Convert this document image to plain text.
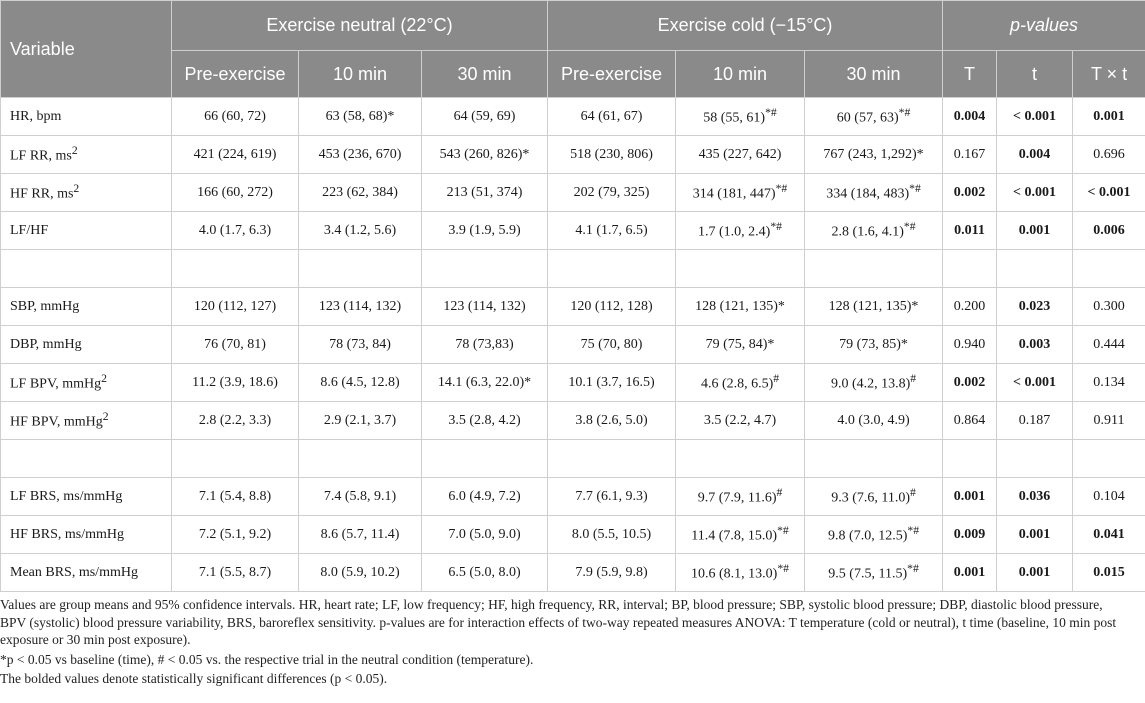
Variable	Exercise neutral (22°C)			Exercise cold (−15°C)			p-values		
	Pre-exercise	10 min	30 min	Pre-exercise	10 min	30 min	T	t	T × t
HR, bpm	66 (60, 72)	63 (58, 68)*	64 (59, 69)	64 (61, 67)	58 (55, 61)*#	60 (57, 63)*#	0.004	< 0.001	0.001
LF RR, $ms^2$	421 (224, 619)	453 (236, 670)	543 (260, 826)*	518 (230, 806)	435 (227, 642)	767 (243, 1,292)*	0.167	0.004	0.696
HF RR, $ms^2$	166 (60, 272)	223 (62, 384)	213 (51, 374)	202 (79, 325)	314 (181, 447)*#	334 (184, 483)*#	0.002	< 0.001	< 0.001
LF/HF	4.0 (1.7, 6.3)	3.4 (1.2, 5.6)	3.9 (1.9, 5.9)	4.1 (1.7, 6.5)	1.7 (1.0, 2.4)*#	2.8 (1.6, 4.1)*#	0.011	0.001	0.006

SBP, mmHg	120 (112, 127)	123 (114, 132)	123 (114, 132)	120 (112, 128)	128 (121, 135)*	128 (121, 135)*	0.200	0.023	0.300
DBP, mmHg	76 (70, 81)	78 (73, 84)	78 (73,83)	75 (70, 80)	79 (75, 84)*	79 (73, 85)*	0.940	0.003	0.444
LF BPV, mmHg$^2$	11.2 (3.9, 18.6)	8.6 (4.5, 12.8)	14.1 (6.3, 22.0)*	10.1 (3.7, 16.5)	4.6 (2.8, 6.5)#	9.0 (4.2, 13.8)#	0.002	< 0.001	0.134
HF BPV, mmHg$^2$	2.8 (2.2, 3.3)	2.9 (2.1, 3.7)	3.5 (2.8, 4.2)	3.8 (2.6, 5.0)	3.5 (2.2, 4.7)	4.0 (3.0, 4.9)	0.864	0.187	0.911

LF BRS, ms/mmHg	7.1 (5.4, 8.8)	7.4 (5.8, 9.1)	6.0 (4.9, 7.2)	7.7 (6.1, 9.3)	9.7 (7.9, 11.6)#	9.3 (7.6, 11.0)#	0.001	0.036	0.104
HF BRS, ms/mmHg	7.2 (5.1, 9.2)	8.6 (5.7, 11.4)	7.0 (5.0, 9.0)	8.0 (5.5, 10.5)	11.4 (7.8, 15.0)*#	9.8 (7.0, 12.5)*#	0.009	0.001	0.041
Mean BRS, ms/mmHg	7.1 (5.5, 8.7)	8.0 (5.9, 10.2)	6.5 (5.0, 8.0)	7.9 (5.9, 9.8)	10.6 (8.1, 13.0)*#	9.5 (7.5, 11.5)*#	0.001	0.001	0.015

Values are group means and 95% confidence intervals. HR, heart rate; LF, low frequency; HF, high frequency, RR, interval; BP, blood pressure; SBP, systolic blood pressure; DBP, diastolic blood pressure, BPV (systolic) blood pressure variability, BRS, baroreflex sensitivity. p-values are for interaction effects of two-way repeated measures ANOVA: T temperature (cold or neutral), t time (baseline, 10 min post exposure or 30 min post exposure).

*p < 0.05 vs baseline (time), # < 0.05 vs. the respective trial in the neutral condition (temperature).

The bolded values denote statistically significant differences (p < 0.05).
